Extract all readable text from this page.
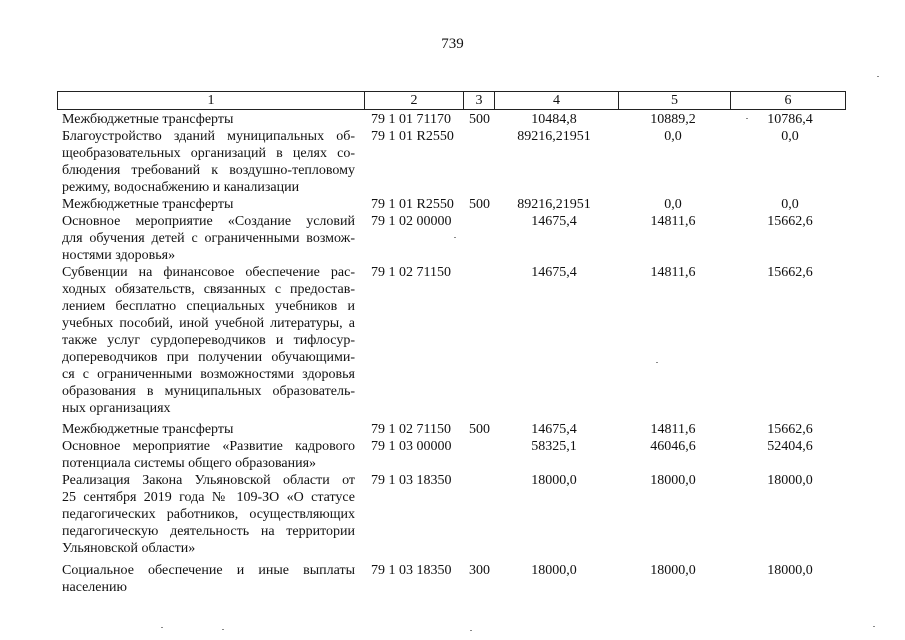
739
1	2	3	4	5	6
Межбюджетные трансферты	79 1 01 71170 500	10484,8	10889,2	10786,4
Благоустройство зданий муниципальных об-
щеобразовательных организаций в целях со-
блюдения требований к воздушно-тепловому
режиму, водоснабжению и канализации
79 1 01 R2550	89216,21951	0,0	0,0
Межбюджетные трансферты	79 1 01 R2550 500	89216,21951	0,0	0,0
Основное мероприятие «Создание условий
для обучения детей с ограниченными возмож-
ностями здоровья»
79 1 02 00000	14675,4	14811,6	15662,6
Субвенции на финансовое обеспечение рас-
ходных обязательств, связанных с предостав-
лением бесплатно специальных учебников и
учебных пособий, иной учебной литературы, а
также услуг сурдопереводчиков и тифлосур-
допереводчиков при получении обучающими-
ся с ограниченными возможностями здоровья
образования в муниципальных образователь-
ных организациях
79 1 02 71150	14675,4	14811,6	15662,6
Межбюджетные трансферты	79 1 02 71150 500	14675,4	14811,6	15662,6
Основное мероприятие «Развитие кадрового
потенциала системы общего образования»
79 1 03 00000	58325,1	46046,6	52404,6
Реализация Закона Ульяновской области от
25 сентября 2019 года № 109-ЗО «О статусе
педагогических работников, осуществляющих
педагогическую деятельность на территории
Ульяновской области»
79 1 03 18350	18000,0	18000,0	18000,0
Социальное обеспечение и иные выплаты
населению
79 1 03 18350 300	18000,0	18000,0	18000,0
